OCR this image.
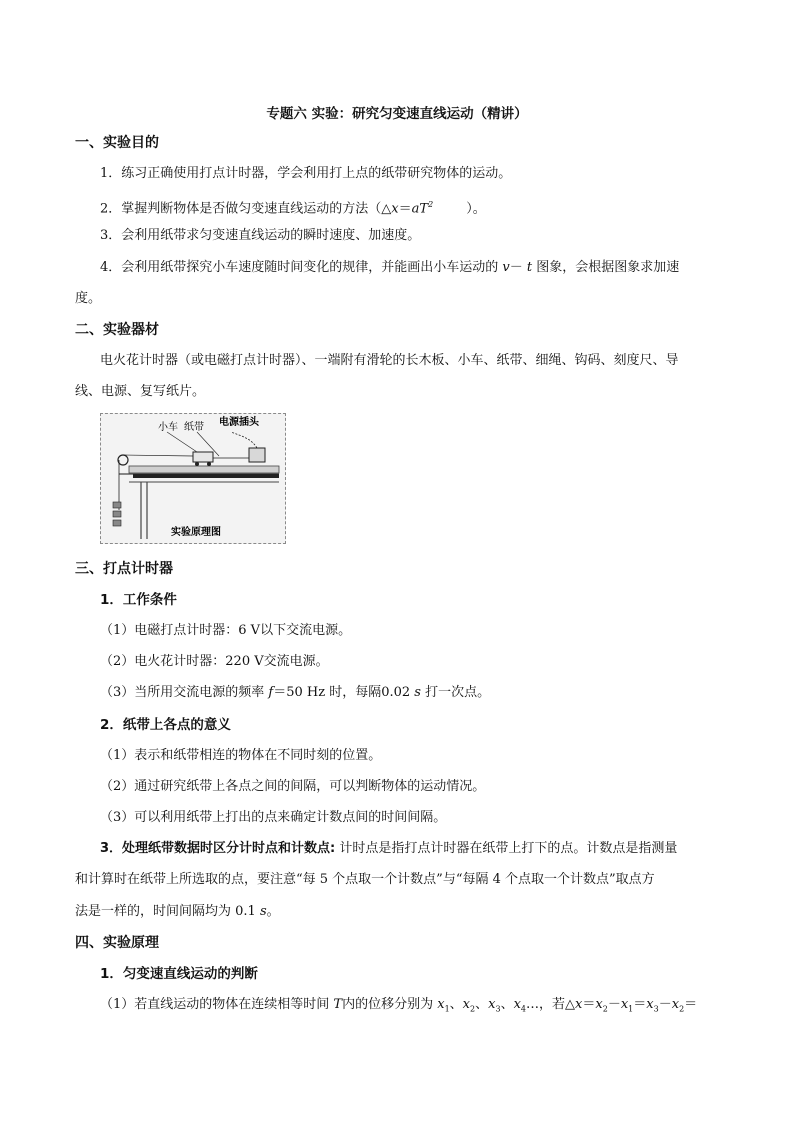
专题六 实验：研究匀变速直线运动（精讲）
一、实验目的
1．练习正确使用打点计时器，学会利用打上点的纸带研究物体的运动。
2．掌握判断物体是否做匀变速直线运动的方法（$\triangle x=aT^2$        ）。
3．会利用纸带求匀变速直线运动的瞬时速度、加速度。
4．会利用纸带探究小车速度随时间变化的规律，并能画出小车运动的 v－ t 图象，会根据图象求加速
度。
二、实验器材
电火花计时器（或电磁打点计时器）、一端附有滑轮的长木板、小车、纸带、细绳、钩码、刻度尺、导
线、电源、复写纸片。
小车 纸带 电源插头
实验原理图
三、打点计时器
1．工作条件
（1）电磁打点计时器：6 V以下交流电源。
（2）电火花计时器：220 V交流电源。
（3）当所用交流电源的频率 f＝50 Hz 时，每隔0.02 s 打一次点。
2．纸带上各点的意义
（1）表示和纸带相连的物体在不同时刻的位置。
（2）通过研究纸带上各点之间的间隔，可以判断物体的运动情况。
（3）可以利用纸带上打出的点来确定计数点间的时间间隔。
3．处理纸带数据时区分计时点和计数点: 计时点是指打点计时器在纸带上打下的点。计数点是指测量
和计算时在纸带上所选取的点，要注意“每 5 个点取一个计数点”与“每隔 4 个点取一个计数点”取点方
法是一样的，时间间隔均为 0.1 s。
四、实验原理
1．匀变速直线运动的判断
（1）若直线运动的物体在连续相等时间 T内的位移分别为 $x_1$、$x_2$、$x_3$、$x_4\dots$，若$\triangle x=x_2-x_1=x_3-x_2=$
